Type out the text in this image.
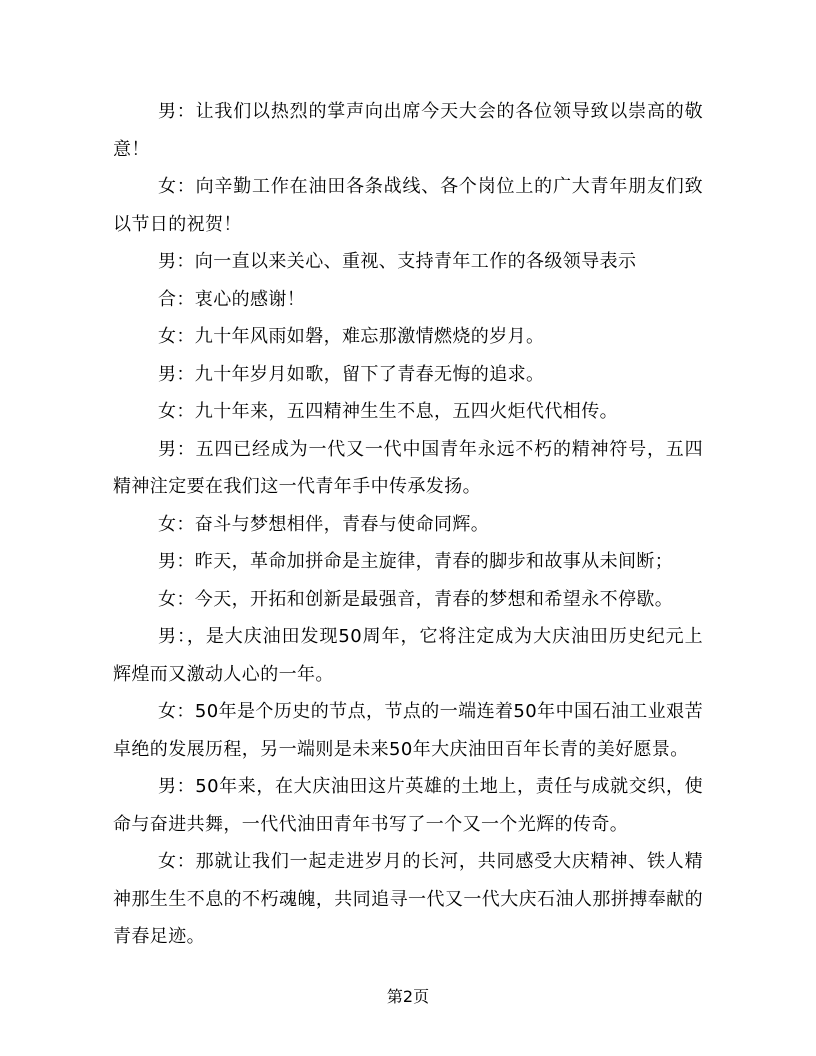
男：让我们以热烈的掌声向出席今天大会的各位领导致以崇高的敬意！

女：向辛勤工作在油田各条战线、各个岗位上的广大青年朋友们致以节日的祝贺！

男：向一直以来关心、重视、支持青年工作的各级领导表示

合：衷心的感谢！

女：九十年风雨如磐，难忘那激情燃烧的岁月。

男：九十年岁月如歌，留下了青春无悔的追求。

女：九十年来，五四精神生生不息，五四火炬代代相传。

男：五四已经成为一代又一代中国青年永远不朽的精神符号，五四精神注定要在我们这一代青年手中传承发扬。

女：奋斗与梦想相伴，青春与使命同辉。

男：昨天，革命加拼命是主旋律，青春的脚步和故事从未间断；

女：今天，开拓和创新是最强音，青春的梦想和希望永不停歇。

男：，是大庆油田发现50周年，它将注定成为大庆油田历史纪元上辉煌而又激动人心的一年。

女：50年是个历史的节点，节点的一端连着50年中国石油工业艰苦卓绝的发展历程，另一端则是未来50年大庆油田百年长青的美好愿景。

男：50年来，在大庆油田这片英雄的土地上，责任与成就交织，使命与奋进共舞，一代代油田青年书写了一个又一个光辉的传奇。

女：那就让我们一起走进岁月的长河，共同感受大庆精神、铁人精神那生生不息的不朽魂魄，共同追寻一代又一代大庆石油人那拼搏奉献的青春足迹。

第2页
